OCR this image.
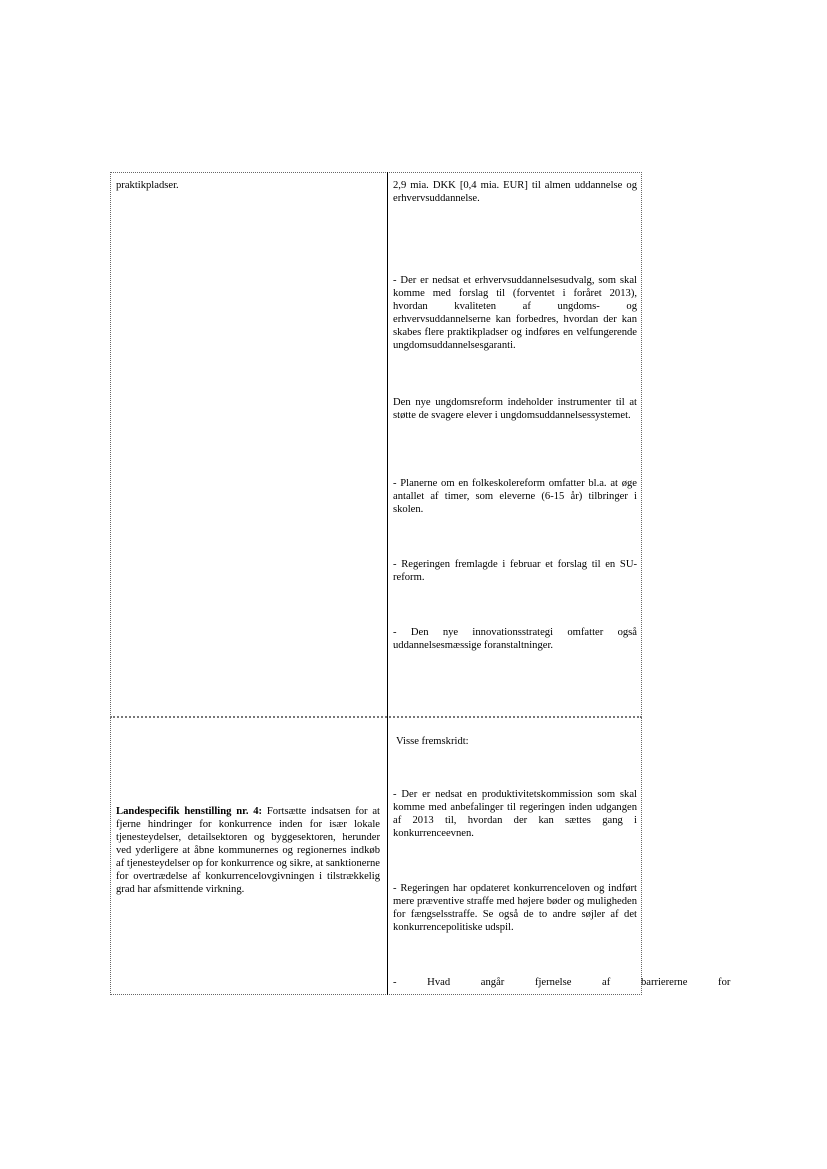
praktikpladser.	2,9 mia. DKK [0,4 mia. EUR] til almen uddannelse og erhvervsuddannelse.
- Der er nedsat et erhvervsuddannelsesudvalg, som skal komme med forslag til (forventet i foråret 2013), hvordan kvaliteten af ungdoms- og erhvervsuddannelserne kan forbedres, hvordan der kan skabes flere praktikpladser og indføres en velfungerende ungdomsuddannelsesgaranti.
Den nye ungdomsreform indeholder instrumenter til at støtte de svagere elever i ungdomsuddannelsessystemet.
- Planerne om en folkeskolereform omfatter bl.a. at øge antallet af timer, som eleverne (6-15 år) tilbringer i skolen.
- Regeringen fremlagde i februar et forslag til en SU-reform.
- Den nye innovationsstrategi omfatter også uddannelsesmæssige foranstaltninger.
Landespecifik henstilling nr. 4: Fortsætte indsatsen for at fjerne hindringer for konkurrence inden for især lokale tjenesteydelser, detailsektoren og byggesektoren, herunder ved yderligere at åbne kommunernes og regionernes indkøb af tjenesteydelser op for konkurrence og sikre, at sanktionerne for overtrædelse af konkurrencelovgivningen i tilstrækkelig grad har afsmittende virkning.
Visse fremskridt:
- Der er nedsat en produktivitetskommission som skal komme med anbefalinger til regeringen inden udgangen af 2013 til, hvordan der kan sættes gang i konkurrenceevnen.
- Regeringen har opdateret konkurrenceloven og indført mere præventive straffe med højere bøder og muligheden for fængselsstraffe. Se også de to andre søjler af det konkurrencepolitiske udspil.
- Hvad angår fjernelse af barriererne for
